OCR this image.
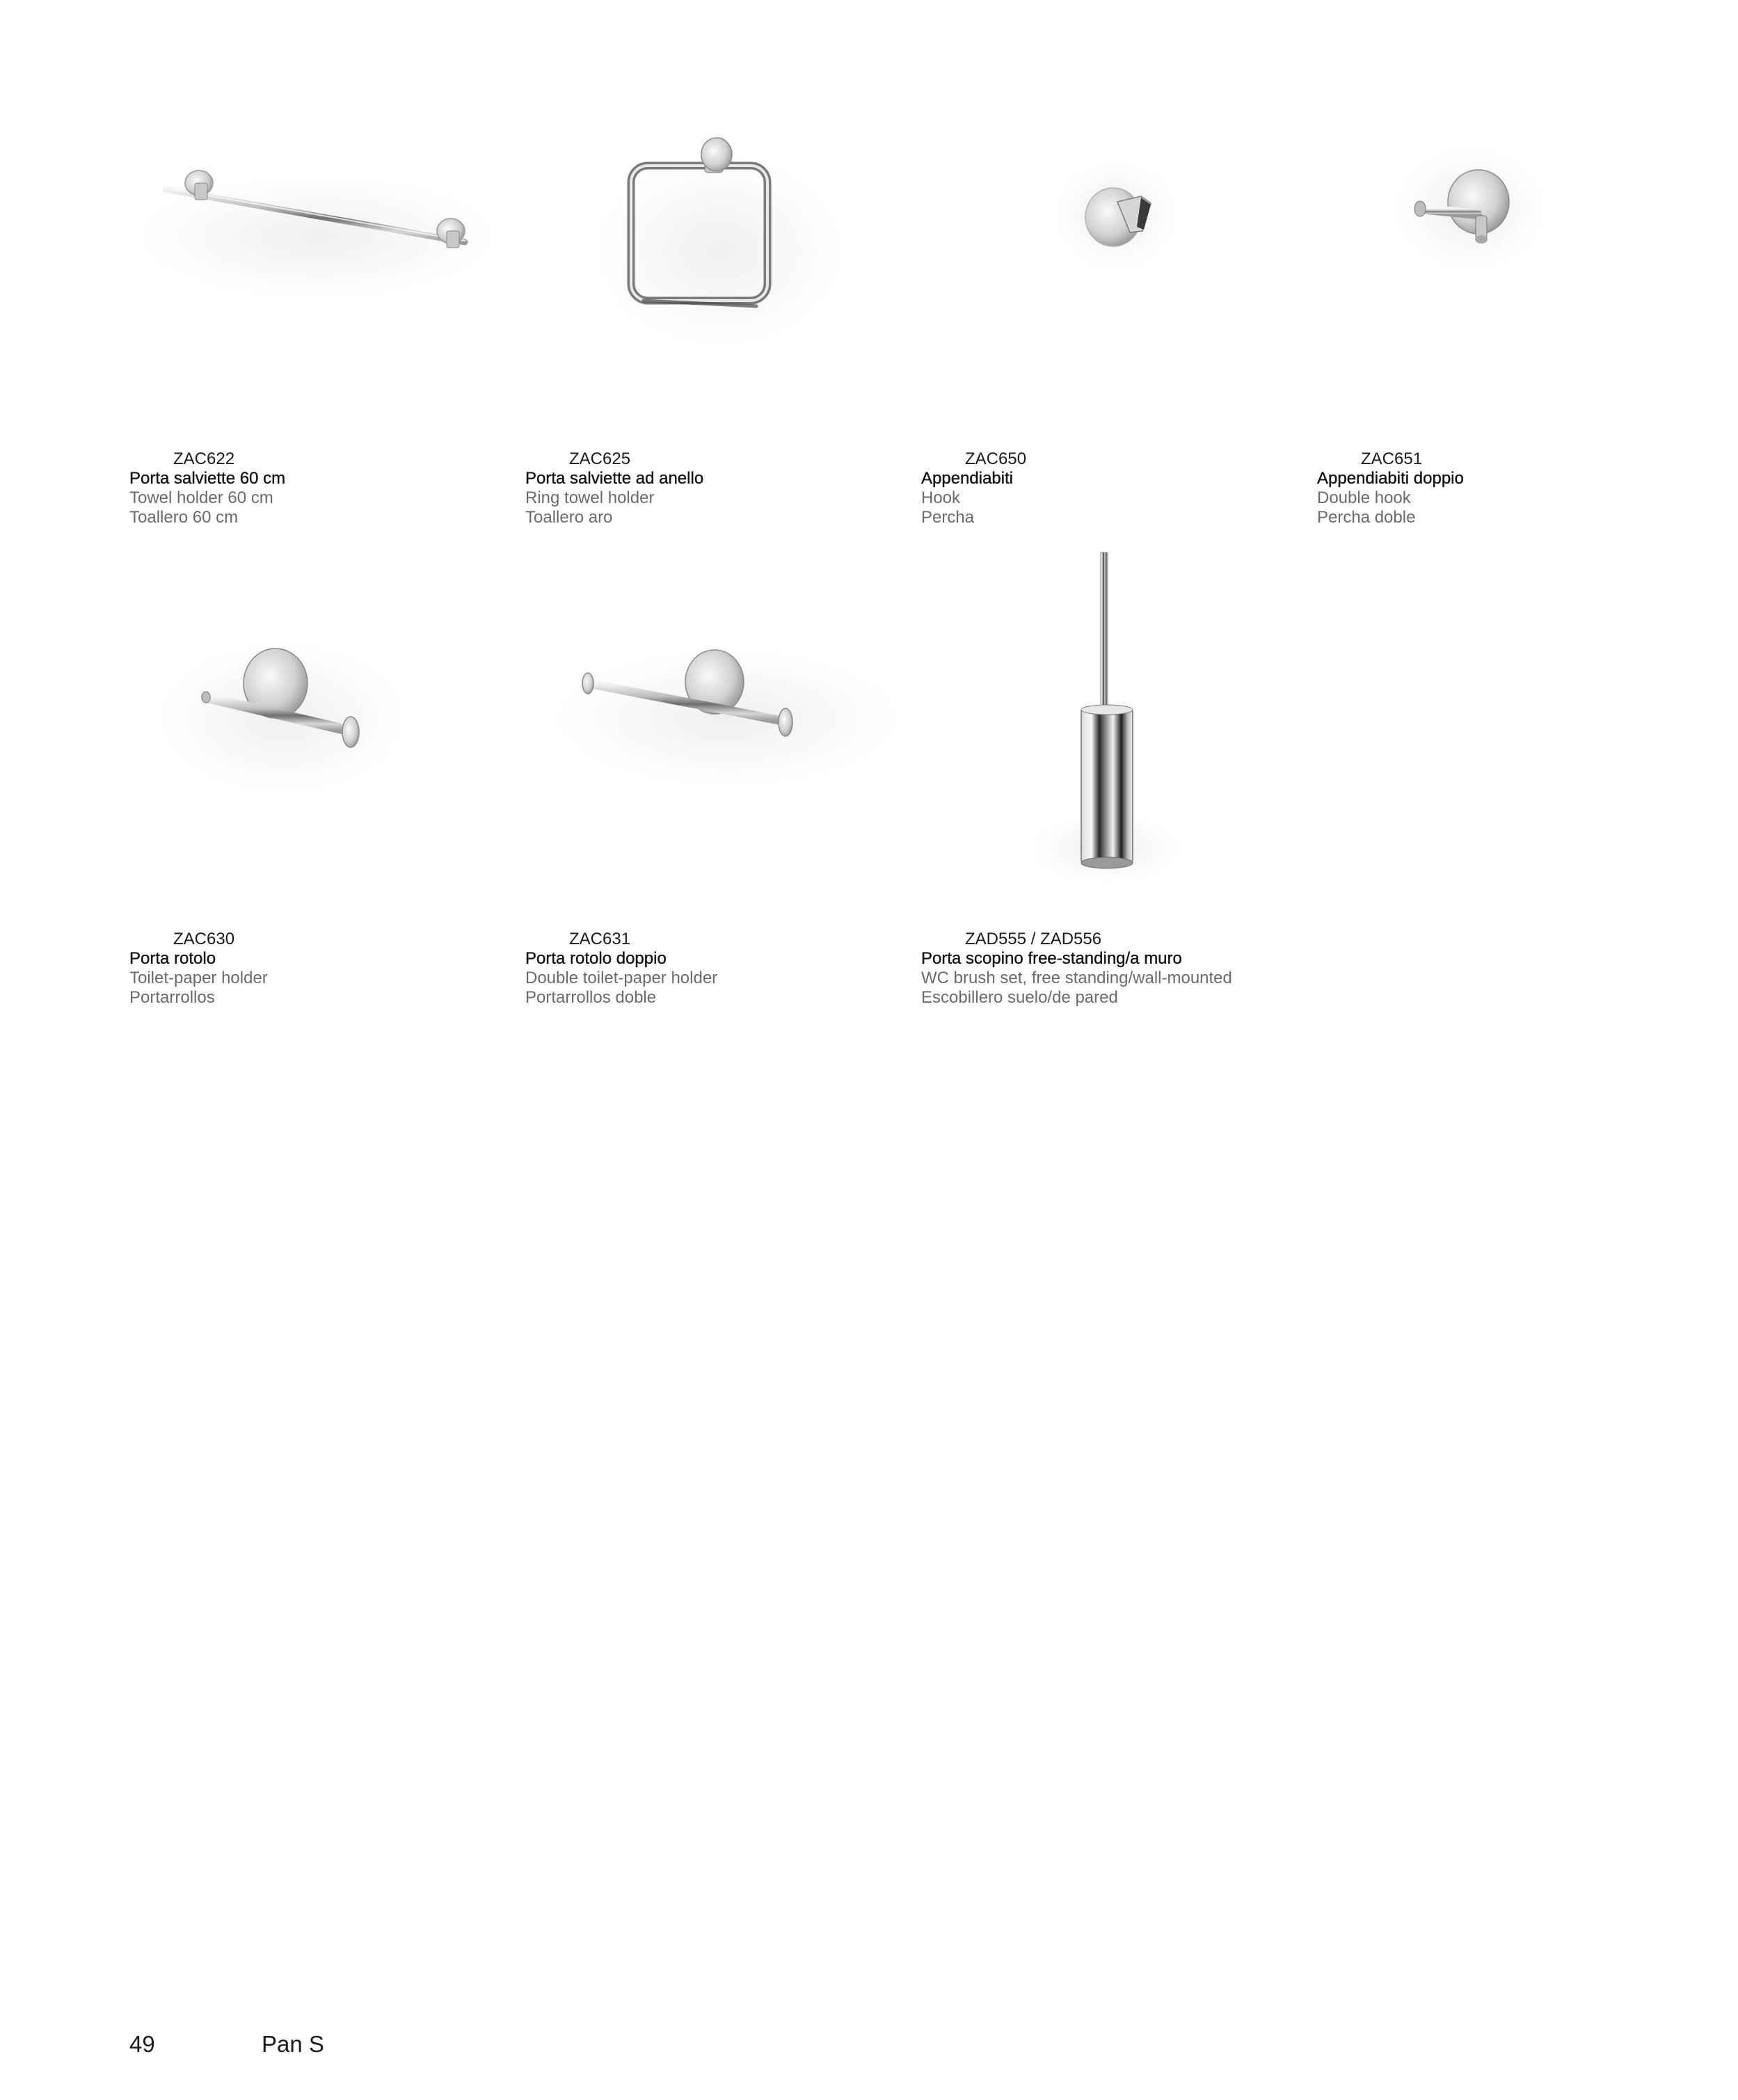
ZAC622
Porta salviette 60 cm
Towel holder 60 cm
Toallero 60 cm
ZAC625
Porta salviette ad anello
Ring towel holder
Toallero aro
ZAC650
Appendiabiti
Hook
Percha
ZAC651
Appendiabiti doppio
Double hook
Percha doble
ZAC630
Porta rotolo
Toilet-paper holder
Portarrollos
ZAC631
Porta rotolo doppio
Double toilet-paper holder
Portarrollos doble
ZAD555 / ZAD556
Porta scopino free-standing/a muro
WC brush set, free standing/wall-mounted
Escobillero suelo/de pared
49	Pan S
